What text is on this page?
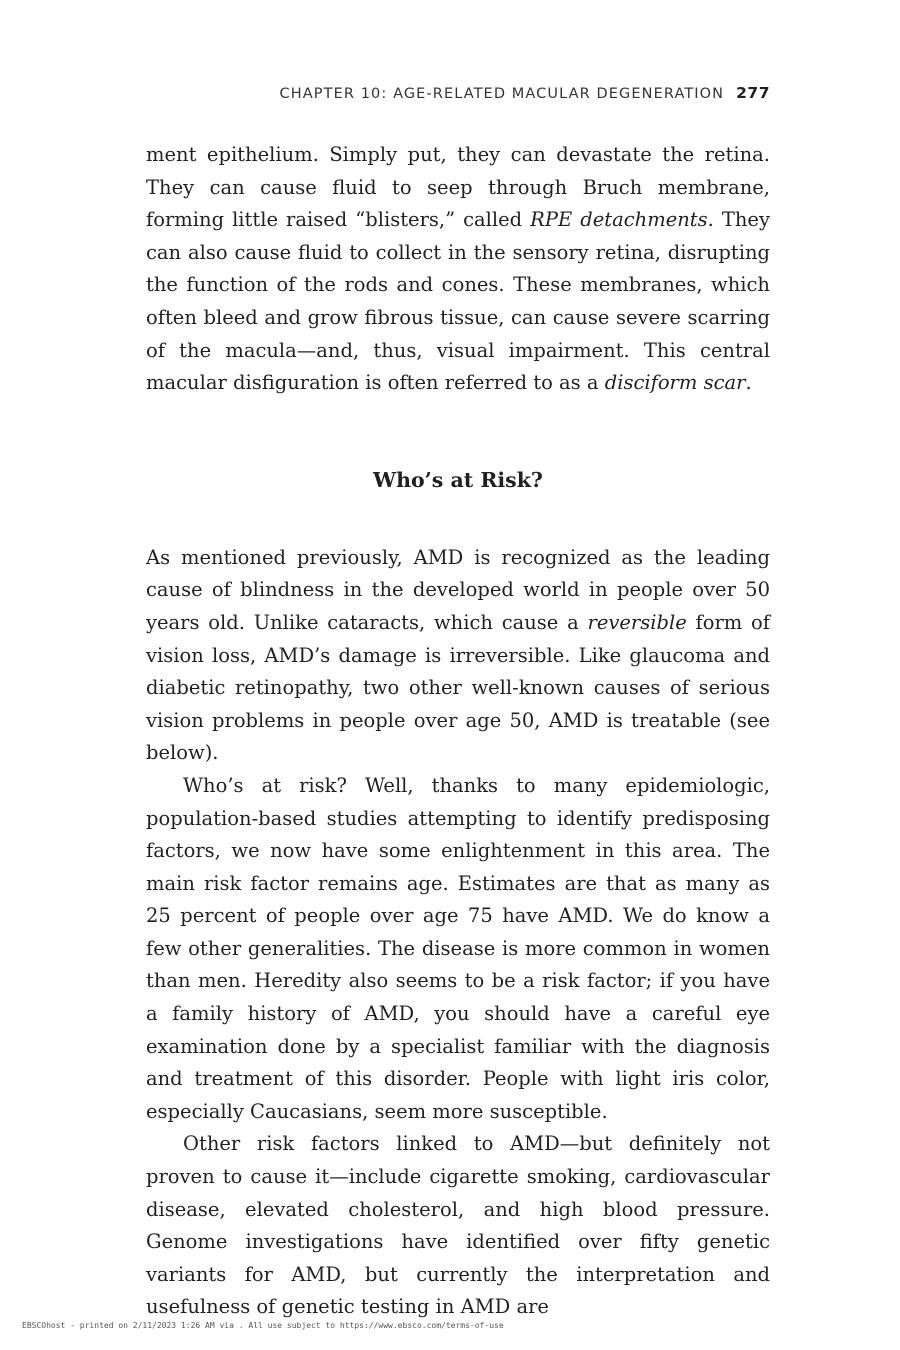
CHAPTER 10: AGE-RELATED MACULAR DEGENERATION 277

ment epithelium. Simply put, they can devastate the retina. They can cause fluid to seep through Bruch membrane, forming little raised “blisters,” called RPE detachments. They can also cause fluid to collect in the sensory retina, disrupting the function of the rods and cones. These membranes, which often bleed and grow fibrous tissue, can cause severe scarring of the macula—and, thus, visual impairment. This central macular disfiguration is often referred to as a disciform scar.

Who’s at Risk?

As mentioned previously, AMD is recognized as the leading cause of blindness in the developed world in people over 50 years old. Unlike cataracts, which cause a reversible form of vision loss, AMD’s damage is irreversible. Like glaucoma and diabetic retinopathy, two other well-known causes of serious vision problems in people over age 50, AMD is treatable (see below).

Who’s at risk? Well, thanks to many epidemiologic, population-based studies attempting to identify predisposing factors, we now have some enlightenment in this area. The main risk factor remains age. Estimates are that as many as 25 percent of people over age 75 have AMD. We do know a few other generalities. The disease is more common in women than men. Heredity also seems to be a risk factor; if you have a family history of AMD, you should have a careful eye examination done by a specialist familiar with the diagnosis and treatment of this disorder. People with light iris color, especially Caucasians, seem more susceptible.

Other risk factors linked to AMD—but definitely not proven to cause it—include cigarette smoking, cardiovascular disease, elevated cholesterol, and high blood pressure. Genome investigations have identified over fifty genetic variants for AMD, but currently the interpretation and usefulness of genetic testing in AMD are

EBSCOhost - printed on 2/11/2023 1:26 AM via . All use subject to https://www.ebsco.com/terms-of-use
